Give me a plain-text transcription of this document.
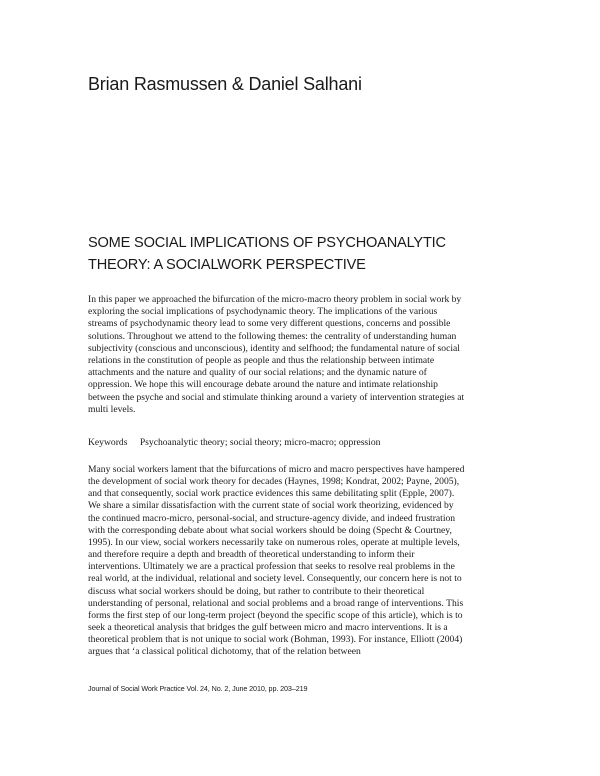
Brian Rasmussen & Daniel Salhani
SOME SOCIAL IMPLICATIONS OF PSYCHOANALYTIC
THEORY: A SOCIALWORK PERSPECTIVE
In this paper we approached the bifurcation of the micro-macro theory problem in social work by
exploring the social implications of psychodynamic theory. The implications of the various
streams of psychodynamic theory lead to some very different questions, concerns and possible
solutions. Throughout we attend to the following themes: the centrality of understanding human
subjectivity (conscious and unconscious), identity and selfhood; the fundamental nature of social
relations in the constitution of people as people and thus the relationship between intimate
attachments and the nature and quality of our social relations; and the dynamic nature of
oppression. We hope this will encourage debate around the nature and intimate relationship
between the psyche and social and stimulate thinking around a variety of intervention strategies at
multi levels.
Keywords Psychoanalytic theory; social theory; micro-macro; oppression
Many social workers lament that the bifurcations of micro and macro perspectives have hampered
the development of social work theory for decades (Haynes, 1998; Kondrat, 2002; Payne, 2005),
and that consequently, social work practice evidences this same debilitating split (Epple, 2007).
We share a similar dissatisfaction with the current state of social work theorizing, evidenced by
the continued macro-micro, personal-social, and structure-agency divide, and indeed frustration
with the corresponding debate about what social workers should be doing (Specht & Courtney,
1995). In our view, social workers necessarily take on numerous roles, operate at multiple levels,
and therefore require a depth and breadth of theoretical understanding to inform their
interventions. Ultimately we are a practical profession that seeks to resolve real problems in the
real world, at the individual, relational and society level. Consequently, our concern here is not to
discuss what social workers should be doing, but rather to contribute to their theoretical
understanding of personal, relational and social problems and a broad range of interventions. This
forms the first step of our long-term project (beyond the specific scope of this article), which is to
seek a theoretical analysis that bridges the gulf between micro and macro interventions. It is a
theoretical problem that is not unique to social work (Bohman, 1993). For instance, Elliott (2004)
argues that ‘a classical political dichotomy, that of the relation between
Journal of Social Work Practice Vol. 24, No. 2, June 2010, pp. 203–219
